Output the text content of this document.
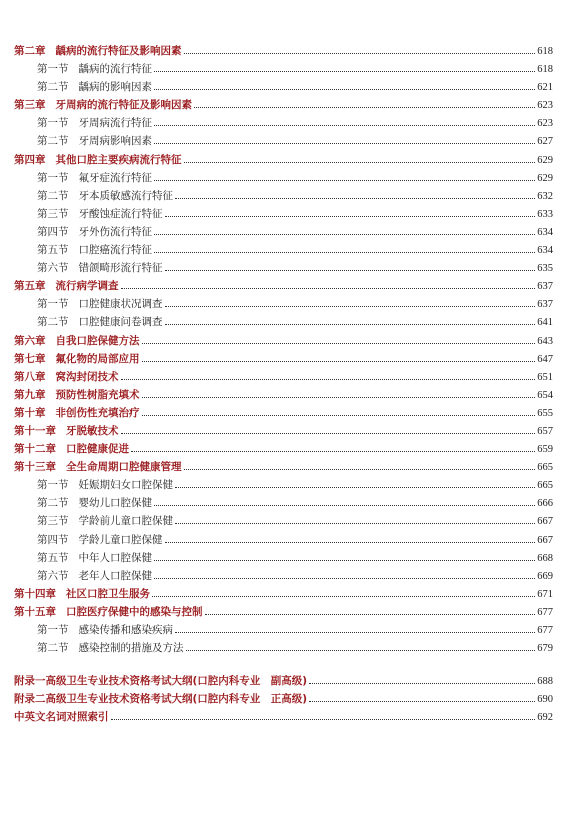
第二章 龋病的流行特征及影响因素	618
第一节 龋病的流行特征	618
第二节 龋病的影响因素	621
第三章 牙周病的流行特征及影响因素	623
第一节 牙周病流行特征	623
第二节 牙周病影响因素	627
第四章 其他口腔主要疾病流行特征	629
第一节 氟牙症流行特征	629
第二节 牙本质敏感流行特征	632
第三节 牙酸蚀症流行特征	633
第四节 牙外伤流行特征	634
第五节 口腔癌流行特征	634
第六节 错颌畸形流行特征	635
第五章 流行病学调查	637
第一节 口腔健康状况调查	637
第二节 口腔健康问卷调查	641
第六章 自我口腔保健方法	643
第七章 氟化物的局部应用	647
第八章 窝沟封闭技术	651
第九章 预防性树脂充填术	654
第十章 非创伤性充填治疗	655
第十一章 牙脱敏技术	657
第十二章 口腔健康促进	659
第十三章 全生命周期口腔健康管理	665
第一节 妊娠期妇女口腔保健	665
第二节 婴幼儿口腔保健	666
第三节 学龄前儿童口腔保健	667
第四节 学龄儿童口腔保健	667
第五节 中年人口腔保健	668
第六节 老年人口腔保健	669
第十四章 社区口腔卫生服务	671
第十五章 口腔医疗保健中的感染与控制	677
第一节 感染传播和感染疾病	677
第二节 感染控制的措施及方法	679
附录一 高级卫生专业技术资格考试大纲(口腔内科专业　副高级)	688
附录二 高级卫生专业技术资格考试大纲(口腔内科专业　正高级)	690
中英文名词对照索引	692
